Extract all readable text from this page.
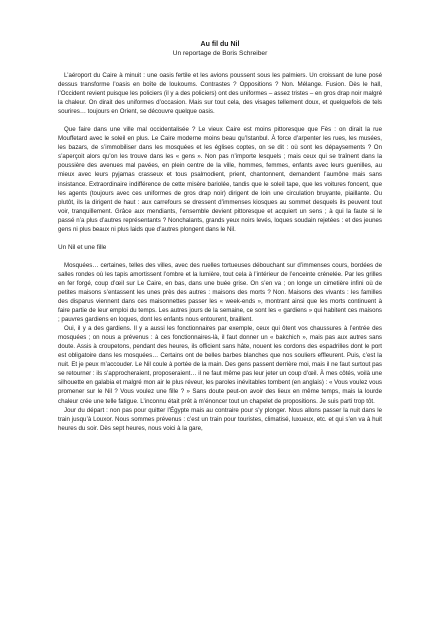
Au fil du Nil
Un reportage de Boris Schreiber

L’aéroport du Caire à minuit : une oasis fertile et les avions poussent sous les palmiers. Un croissant de lune posé dessus transforme l’oasis en boîte de loukoums. Contrastes ? Oppositions ? Non. Mélange. Fusion. Dès le hall, l’Occident revient puisque les policiers (il y a des policiers) ont des uniformes – assez tristes – en gros drap noir malgré la chaleur. On dirait des uniformes d’occasion. Mais sur tout cela, des visages tellement doux, et quelquefois de tels sourires… toujours en Orient, se découvre quelque oasis.

Que faire dans une ville mal occidentalisée ? Le vieux Caire est moins pittoresque que Fès : on dirait la rue Mouffetard avec le soleil en plus. Le Caire moderne moins beau qu’Istanbul. À force d’arpenter les rues, les musées, les bazars, de s’immobiliser dans les mosquées et les églises coptes, on se dit : où sont les dépaysements ? On s’aperçoit alors qu’on les trouve dans les « gens ». Non pas n’importe lesquels ; mais ceux qui se traînent dans la poussière des avenues mal pavées, en plein centre de la ville, hommes, femmes, enfants avec leurs guenilles, au mieux avec leurs pyjamas crasseux et tous psalmodient, prient, chantonnent, demandent l’aumône mais sans insistance. Extraordinaire indifférence de cette misère bariolée, tandis que le soleil tape, que les voitures foncent, que les agents (toujours avec ces uniformes de gros drap noir) dirigent de loin une circulation bruyante, piaillante. Ou plutôt, ils la dirigent de haut : aux carrefours se dressent d’immenses kiosques au sommet desquels ils peuvent tout voir, tranquillement. Grâce aux mendiants, l’ensemble devient pittoresque et acquiert un sens ; à qui la faute si le passé n’a plus d’autres représentants ? Nonchalants, grands yeux noirs levés, loques soudain rejetées : et des jeunes gens ni plus beaux ni plus laids que d’autres plongent dans le Nil.

Un Nil et une fille

Mosquées… certaines, telles des villes, avec des ruelles tortueuses débouchant sur d’immenses cours, bordées de salles rondes où les tapis amortissent l’ombre et la lumière, tout cela à l’intérieur de l’enceinte crénelée. Par les grilles en fer forgé, coup d’œil sur Le Caire, en bas, dans une buée grise. On s’en va ; on longe un cimetière infini où de petites maisons s’entassent les unes près des autres : maisons des morts ? Non. Maisons des vivants : les familles des disparus viennent dans ces maisonnettes passer les « week-ends », montrant ainsi que les morts continuent à faire partie de leur emploi du temps. Les autres jours de la semaine, ce sont les « gardiens » qui habitent ces maisons ; pauvres gardiens en loques, dont les enfants nous entourent, braillent.

Oui, il y a des gardiens. Il y a aussi les fonctionnaires par exemple, ceux qui ôtent vos chaussures à l’entrée des mosquées ; on nous a prévenus : à ces fonctionnaires-là, il faut donner un « bakchich », mais pas aux autres sans doute. Assis à croupetons, pendant des heures, ils officient sans hâte, nouent les cordons des espadrilles dont le port est obligatoire dans les mosquées… Certains ont de belles barbes blanches que nos souliers effleurent. Puis, c’est la nuit. Et je peux m’accouder. Le Nil coule à portée de la main. Des gens passent derrière moi, mais il ne faut surtout pas se retourner : ils s’approcheraient, proposeraient… il ne faut même pas leur jeter un coup d’œil. À mes côtés, voilà une silhouette en galabia et malgré mon air le plus réveur, les paroles inévitables tombent (en anglais) : « Vous voulez vous promener sur le Nil ? Vous voulez une fille ? » Sans doute peut-on avoir des lieux en même temps, mais la lourde chaleur crée une telle fatigue. L’inconnu était prêt à m’énoncer tout un chapelet de propositions. Je suis parti trop tôt.

Jour du départ : non pas pour quitter l’Égypte mais au contraire pour s’y plonger. Nous allons passer la nuit dans le train jusqu’à Louxor. Nous sommes prévenus : c’est un train pour touristes, climatisé, luxueux, etc. et qui s’en va à huit heures du soir. Dès sept heures, nous voici à la gare,
